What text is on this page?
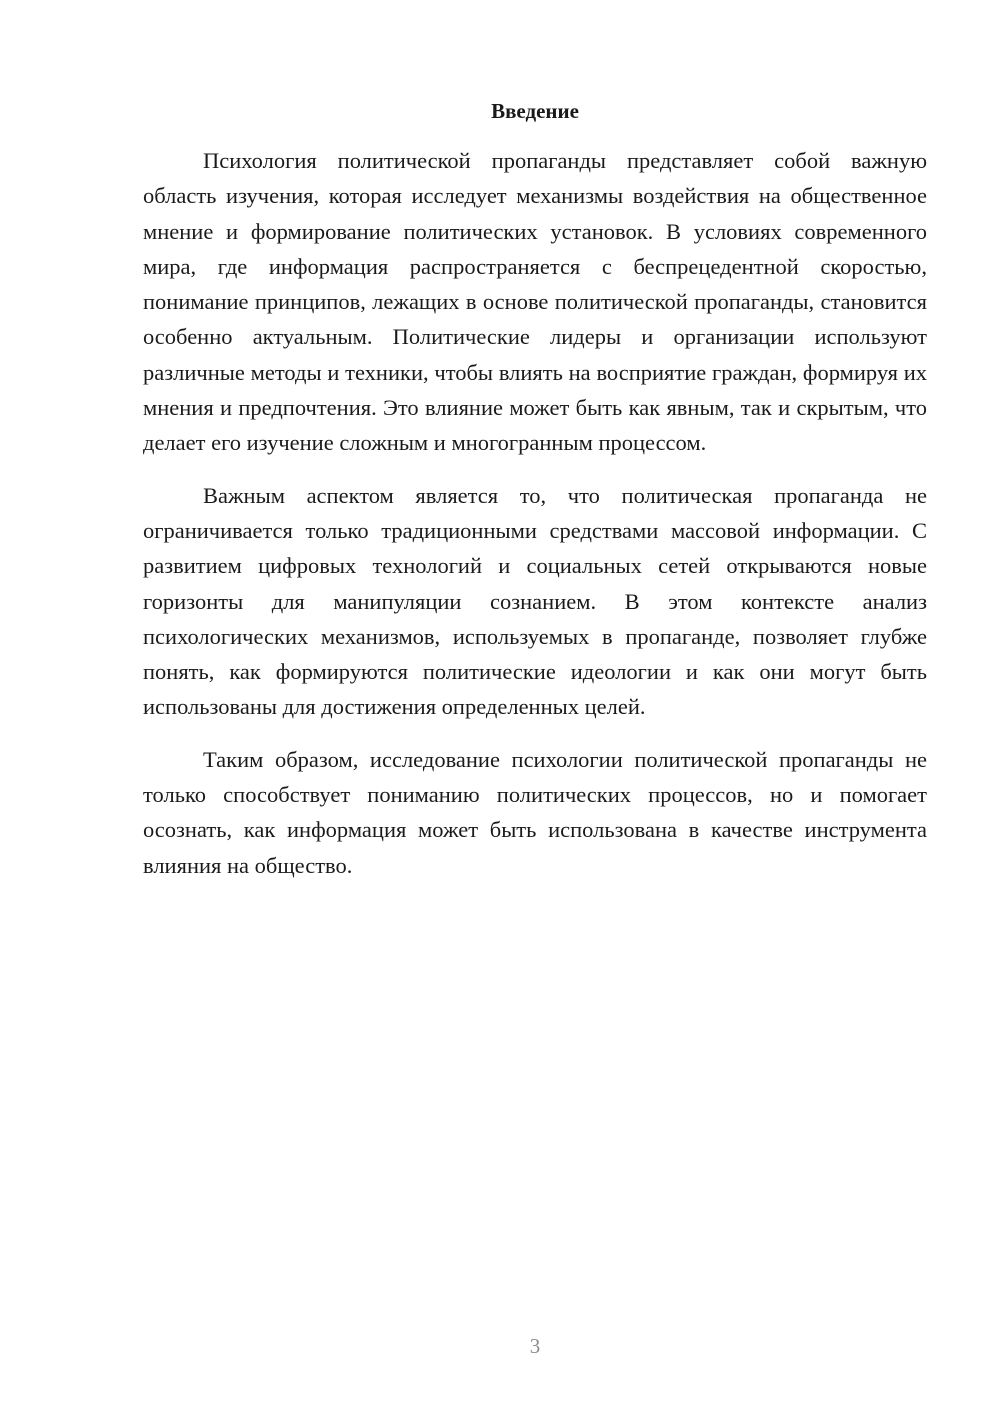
Введение

Психология политической пропаганды представляет собой важную область изучения, которая исследует механизмы воздействия на общественное мнение и формирование политических установок. В условиях современного мира, где информация распространяется с беспрецедентной скоростью, понимание принципов, лежащих в основе политической пропаганды, становится особенно актуальным. Политические лидеры и организации используют различные методы и техники, чтобы влиять на восприятие граждан, формируя их мнения и предпочтения. Это влияние может быть как явным, так и скрытым, что делает его изучение сложным и многогранным процессом.

Важным аспектом является то, что политическая пропаганда не ограничивается только традиционными средствами массовой информации. С развитием цифровых технологий и социальных сетей открываются новые горизонты для манипуляции сознанием. В этом контексте анализ психологических механизмов, используемых в пропаганде, позволяет глубже понять, как формируются политические идеологии и как они могут быть использованы для достижения определенных целей.

Таким образом, исследование психологии политической пропаганды не только способствует пониманию политических процессов, но и помогает осознать, как информация может быть использована в качестве инструмента влияния на общество.

3
